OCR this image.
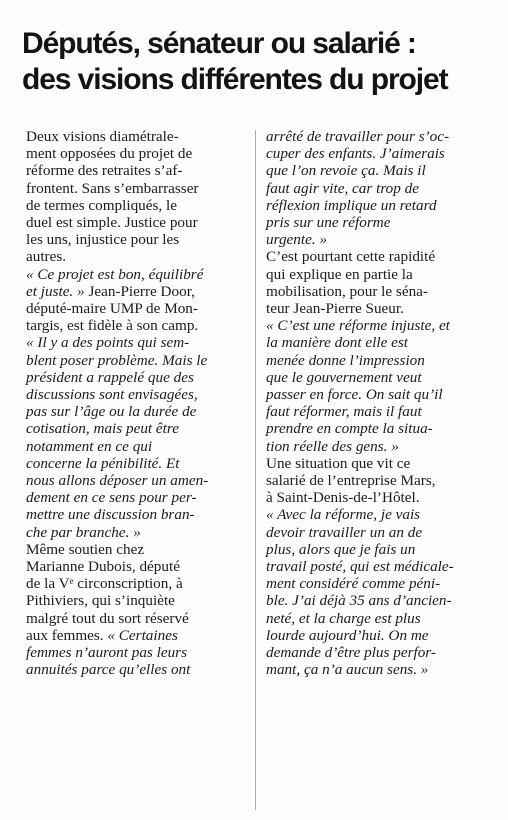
Députés, sénateur ou salarié :
des visions différentes du projet
Deux visions diamétrale-
ment opposées du projet de
réforme des retraites s’af-
frontent. Sans s’embarrasser
de termes compliqués, le
duel est simple. Justice pour
les uns, injustice pour les
autres.
« Ce projet est bon, équilibré
et juste. » Jean-Pierre Door,
député-maire UMP de Mon-
targis, est fidèle à son camp.
« Il y a des points qui sem-
blent poser problème. Mais le
président a rappelé que des
discussions sont envisagées,
pas sur l’âge ou la durée de
cotisation, mais peut être
notamment en ce qui
concerne la pénibilité. Et
nous allons déposer un amen-
dement en ce sens pour per-
mettre une discussion bran-
che par branche. »
Même soutien chez
Marianne Dubois, député
de la Vᵉ circonscription, à
Pithiviers, qui s’inquiète
malgré tout du sort réservé
aux femmes. « Certaines
femmes n’auront pas leurs
annuités parce qu’elles ont
arrêté de travailler pour s’oc-
cuper des enfants. J’aimerais
que l’on revoie ça. Mais il
faut agir vite, car trop de
réflexion implique un retard
pris sur une réforme
urgente. »
C’est pourtant cette rapidité
qui explique en partie la
mobilisation, pour le séna-
teur Jean-Pierre Sueur.
« C’est une réforme injuste, et
la manière dont elle est
menée donne l’impression
que le gouvernement veut
passer en force. On sait qu’il
faut réformer, mais il faut
prendre en compte la situa-
tion réelle des gens. »
Une situation que vit ce
salarié de l’entreprise Mars,
à Saint-Denis-de-l’Hôtel.
« Avec la réforme, je vais
devoir travailler un an de
plus, alors que je fais un
travail posté, qui est médicale-
ment considéré comme péni-
ble. J’ai déjà 35 ans d’ancien-
neté, et la charge est plus
lourde aujourd’hui. On me
demande d’être plus perfor-
mant, ça n’a aucun sens. »
